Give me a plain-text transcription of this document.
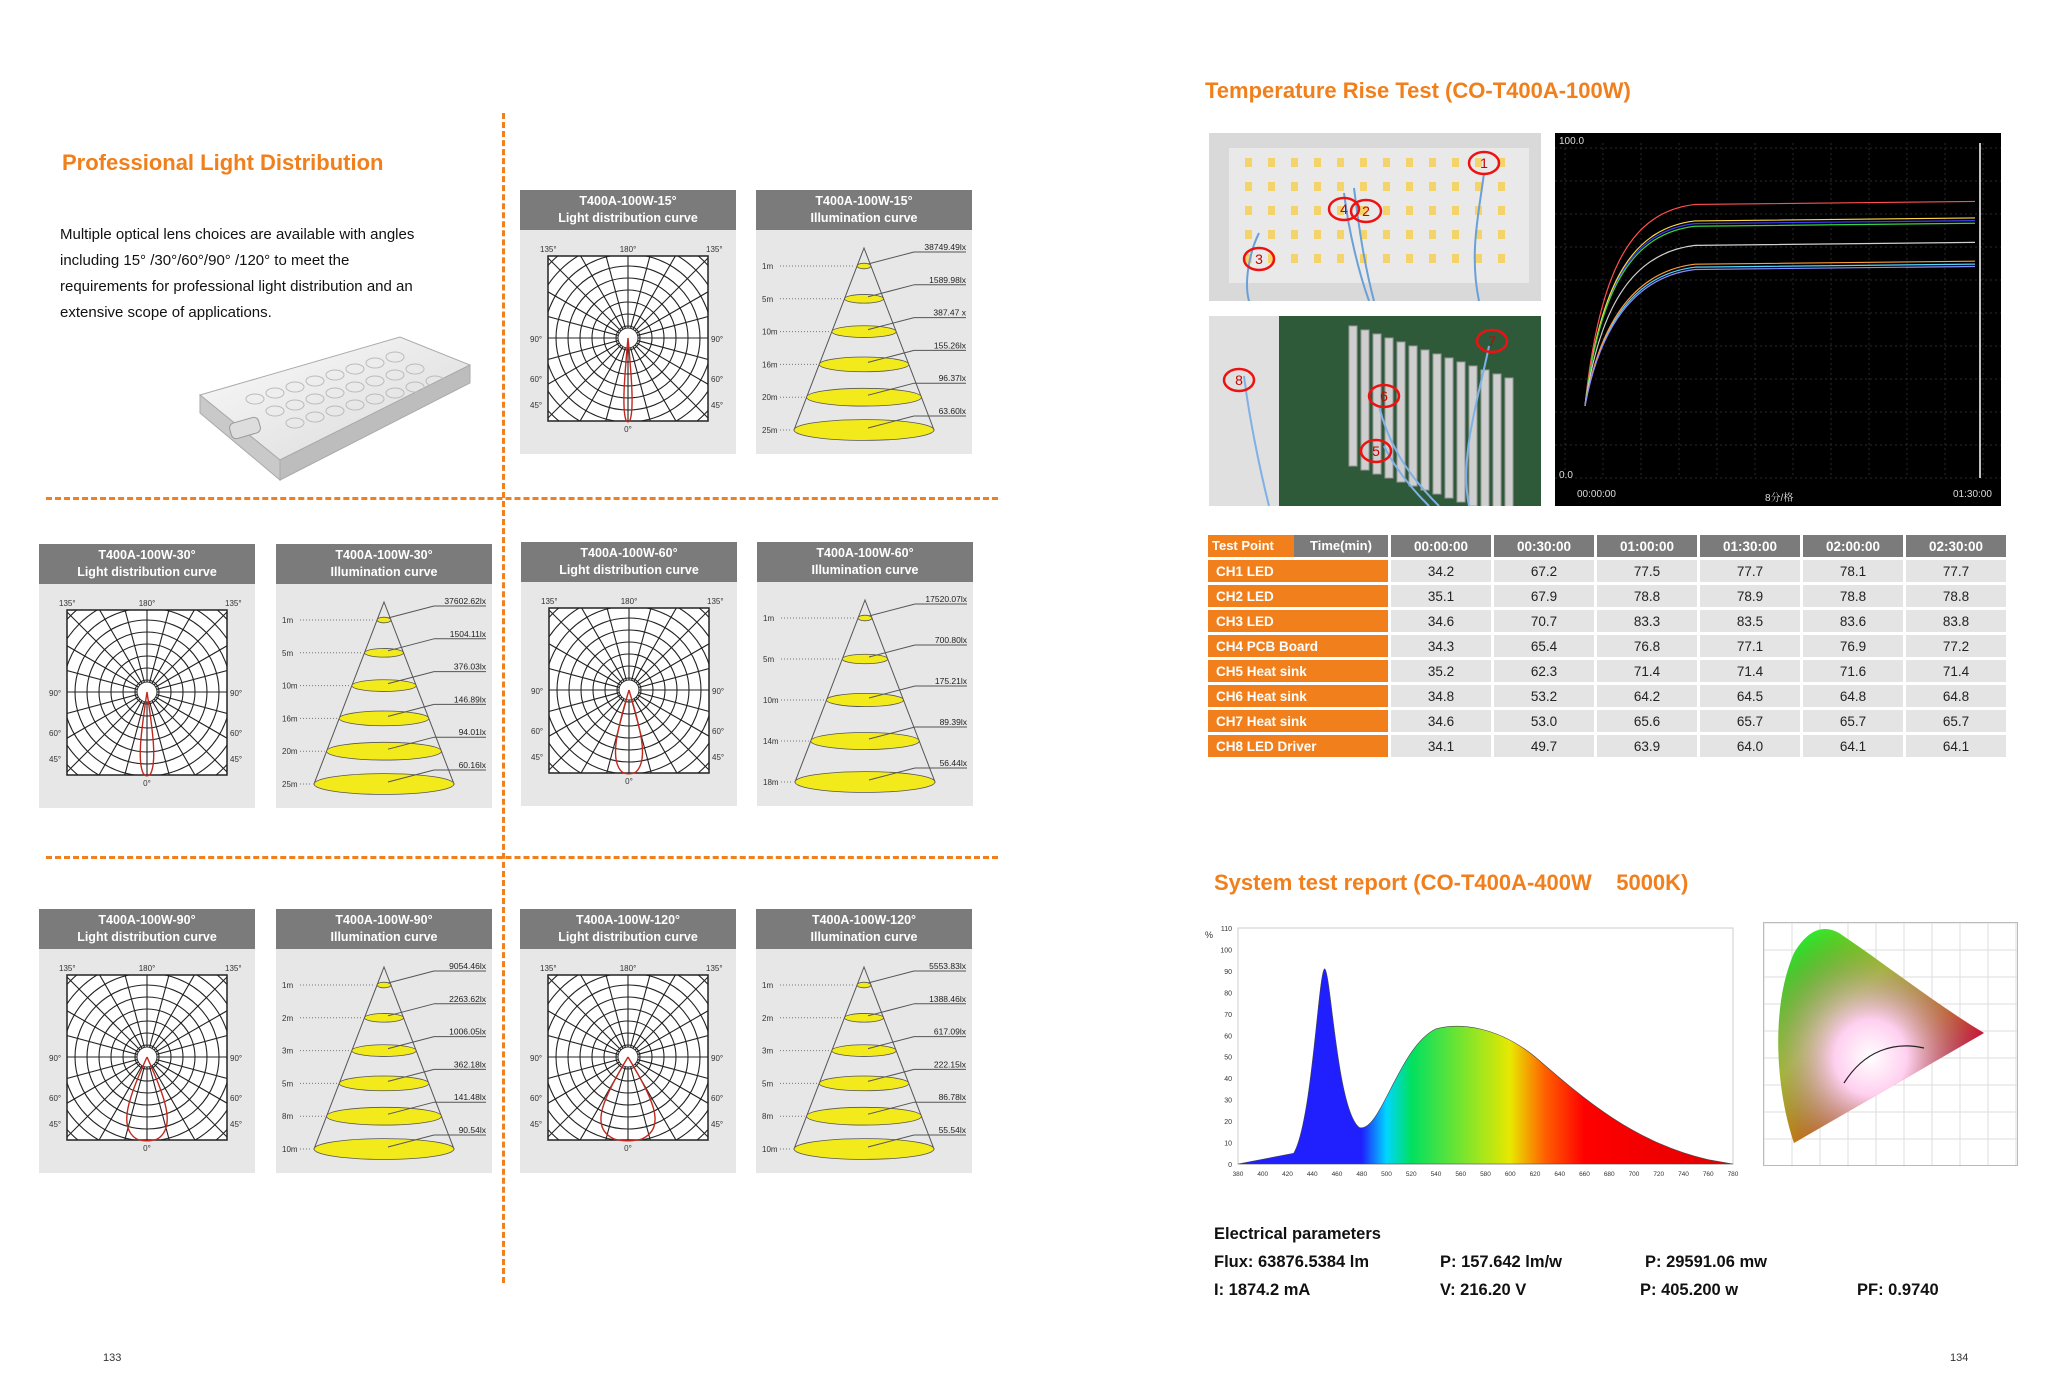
Professional Light Distribution
Multiple optical lens choices are available with angles
including 15° /30°/60°/90° /120° to meet the
requirements for professional light distribution and an
extensive scope of applications.
T400A-100W-15°
Light distribution curve
135°	180°	135°
90°	90°
60°	60°
45°	45°
0°
T400A-100W-15°
Illumination curve
1m
38749.49lx
5m
1589.98lx
10m
387.47 x
16m
155.26lx
20m
96.37lx
25m
63.60lx
T400A-100W-30°
Light distribution curve
135°	180°	135°
90°	90°
60°	60°
45°	45°
0°
T400A-100W-30°
Illumination curve
1m
37602.62lx
5m
1504.11lx
10m
376.03lx
16m
146.89lx
20m
94.01lx
25m
60.16lx
T400A-100W-60°
Light distribution curve
135°	180°	135°
90°	90°
60°	60°
45°	45°
0°
T400A-100W-60°
Illumination curve
1m
17520.07lx
5m
700.80lx
10m
175.21lx
14m
89.39lx
18m
56.44lx
T400A-100W-90°
Light distribution curve
135°	180°	135°
90°	90°
60°	60°
45°	45°
0°
T400A-100W-90°
Illumination curve
1m
9054.46lx
2m
2263.62lx
3m
1006.05lx
5m
362.18lx
8m
141.48lx
10m
90.54lx
T400A-100W-120°
Light distribution curve
135°	180°	135°
90°	90°
60°	60°
45°	45°
0°
T400A-100W-120°
Illumination curve
1m
5553.83lx
2m
1388.46lx
3m
617.09lx
5m
222.15lx
8m
86.78lx
10m
55.54lx
133
Temperature Rise Test (CO-T400A-100W)
1
2
3
4
5
6
7
8
100.0
0.0
00:00:00	8分/格	01:30:00
Test Point Time(min)	00:00:00	00:30:00	01:00:00	01:30:00	02:00:00	02:30:00
CH1 LED	34.2	67.2	77.5	77.7	78.1	77.7
CH2 LED	35.1	67.9	78.8	78.9	78.8	78.8
CH3 LED	34.6	70.7	83.3	83.5	83.6	83.8
CH4 PCB Board	34.3	65.4	76.8	77.1	76.9	77.2
CH5 Heat sink	35.2	62.3	71.4	71.4	71.6	71.4
CH6 Heat sink	34.8	53.2	64.2	64.5	64.8	64.8
CH7 Heat sink	34.6	53.0	65.6	65.7	65.7	65.7
CH8 LED Driver	34.1	49.7	63.9	64.0	64.1	64.1
System test report (CO-T400A-400W    5000K)
%
110
100
90
80
70
60
50
40
30
20
10
0
380 400 420 440 460 480 500 520 540 560 580 600 620 640 660 680 700 720 740 760 780
Electrical parameters
Flux: 63876.5384 lm	P: 157.642 lm/w	P: 29591.06 mw
I: 1874.2 mA	V: 216.20 V	P: 405.200 w	PF: 0.9740
134
